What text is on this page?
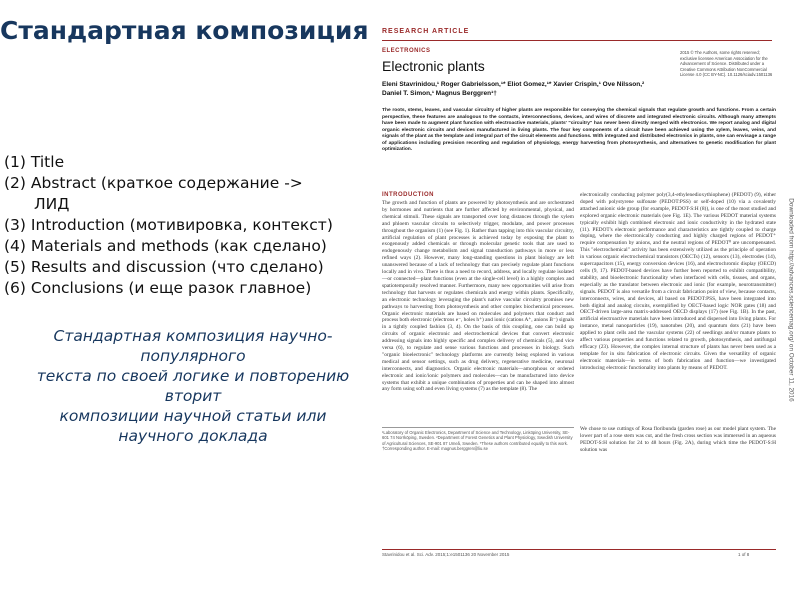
Стандартная композиция
(1) Title
(2) Abstract (краткое содержание ->
ЛИД
(3) Introduction (мотивировка, контекст)
(4) Materials and methods (как сделано)
(5) Results and discussion (что сделано)
(6) Conclusions (и еще разок главное)
Стандартная композиция научно-
популярного
текста по своей логике и повторению
вторит
композиции научной статьи или
научного доклада
RESEARCH ARTICLE
ELECTRONICS
Electronic plants
Eleni Stavrinidou,¹ Roger Gabrielsson,¹* Eliot Gomez,¹* Xavier Crispin,¹ Ove Nilsson,² Daniel T. Simon,¹ Magnus Berggren¹†
2015 © The Authors, some rights reserved; exclusive licensee American Association for the Advancement of Science. Distributed under a Creative Commons Attribution NonCommercial License 4.0 (CC BY-NC). 10.1126/sciadv.1501136
The roots, stems, leaves, and vascular circuitry of higher plants are responsible for conveying the chemical signals that regulate growth and functions. From a certain perspective, these features are analogous to the contacts, interconnections, devices, and wires of discrete and integrated electronic circuits. Although many attempts have been made to augment plant function with electroactive materials, plants' "circuitry" has never been directly merged with electronics. We report analog and digital organic electronic circuits and devices manufactured in living plants. The four key components of a circuit have been achieved using the xylem, leaves, veins, and signals of the plant as the template and integral part of the circuit elements and functions. With integrated and distributed electronics in plants, one can envisage a range of applications including precision recording and regulation of physiology, energy harvesting from photosynthesis, and alternatives to genetic modification for plant optimization.
INTRODUCTION
The growth and function of plants are powered by photosynthesis and are orchestrated by hormones and nutrients that are further affected by environmental, physical, and chemical stimuli. These signals are transported over long distances through the xylem and phloem vascular circuits to selectively trigger, modulate, and power processes throughout the organism (1) (see Fig. 1). Rather than tapping into this vascular circuitry, artificial regulation of plant processes is achieved today by exposing the plant to exogenously added chemicals or through molecular genetic tools that are used to endogenously change metabolism and signal transduction pathways in more or less refined ways (2). However, many long-standing questions in plant biology are left unanswered because of a lack of technology that can precisely regulate plant functions locally and in vivo. There is thus a need to record, address, and locally regulate isolated—or connected—plant functions (even at the single-cell level) in a highly complex and spatiotemporally resolved manner. Furthermore, many new opportunities will arise from technology that harvests or regulates chemicals and energy within plants. Specifically, an electronic technology leveraging the plant's native vascular circuitry promises new pathways to harvesting from photosynthesis and other complex biochemical processes. Organic electronic materials are based on molecules and polymers that conduct and process both electronic (electrons e⁻, holes h⁺) and ionic (cations A⁺, anions B⁻) signals in a tightly coupled fashion (3, 4). On the basis of this coupling, one can build up circuits of organic electronic and electrochemical devices that convert electronic addressing signals into highly specific and complex delivery of chemicals (5), and vice versa (6), to regulate and sense various functions and processes in biology. Such "organic bioelectronic" technology platforms are currently being explored in various medical and sensor settings, such as drug delivery, regenerative medicine, neuronal interconnects, and diagnostics. Organic electronic materials—amorphous or ordered electronic and ionic/ionic polymers and molecules—can be manufactured into device systems that exhibit a unique combination of properties and can be shaped into almost any form using soft and even living systems (7) as the template (8). The
electronically conducting polymer poly(3,4-ethylenedioxythiophene) (PEDOT) (9), either doped with polystyrene sulfonate (PEDOT:PSS) or self-doped (10) via a covalently attached anionic side group (for example, PEDOT-S:H (8)), is one of the most studied and explored organic electronic materials (see Fig. 1E). The various PEDOT material systems typically exhibit high combined electronic and ionic conductivity in the hydrated state (11). PEDOT's electronic performance and characteristics are tightly coupled to charge doping, where the electronically conducting and highly charged regions of PEDOT⁺ require compensation by anions, and the neutral regions of PEDOT⁰ are uncompensated. This "electrochemical" activity has been extensively utilized as the principle of operation in various organic electrochemical transistors (OECTs) (12), sensors (13), electrodes (14), supercapacitors (15), energy conversion devices (16), and electrochromic display (OECD) cells (9, 17). PEDOT-based devices have further been reported to exhibit compatibility, stability, and bioelectronic functionality when interfaced with cells, tissues, and organs, especially as the translator between electronic and ionic (for example, neurotransmitter) signals. PEDOT is also versatile from a circuit fabrication point of view, because contacts, interconnects, wires, and devices, all based on PEDOT:PSS, have been integrated into both digital and analog circuits, exemplified by OECT-based logic NOR gates (18) and OECT-driven large-area matrix-addressed OECD displays (17) (see Fig. 1B). In the past, artificial electroactive materials have been introduced and dispersed into living plants. For instance, metal nanoparticles (19), nanotubes (20), and quantum dots (21) have been applied to plant cells and the vascular systems (22) of seedlings and/or mature plants to affect various properties and functions related to growth, photosynthesis, and antifungal efficacy (23). However, the complex internal structure of plants has never been used as a template for in situ fabrication of electronic circuits. Given the versatility of organic electronic materials—in terms of both fabrication and function—we investigated introducing electronic functionality into plants by means of PEDOT.
¹Laboratory of Organic Electronics, Department of Science and Technology, Linköping University, SE-601 74 Norrköping, Sweden. ²Department of Forest Genetics and Plant Physiology, Swedish University of Agricultural Sciences, SE-901 87 Umeå, Sweden. *These authors contributed equally to this work. †Corresponding author. E-mail: magnus.berggren@liu.se
We chose to use cuttings of Rosa floribunda (garden rose) as our model plant system. The lower part of a rose stem was cut, and the fresh cross section was immersed in an aqueous PEDOT-S:H solution for 24 to 48 hours (Fig. 2A), during which time the PEDOT-S:H solution was
Stavrinidou et al. Sci. Adv. 2015;1:e1501136 20 November 2015	1 of 8
Downloaded from http://advances.sciencemag.org/ on October 11, 2016
